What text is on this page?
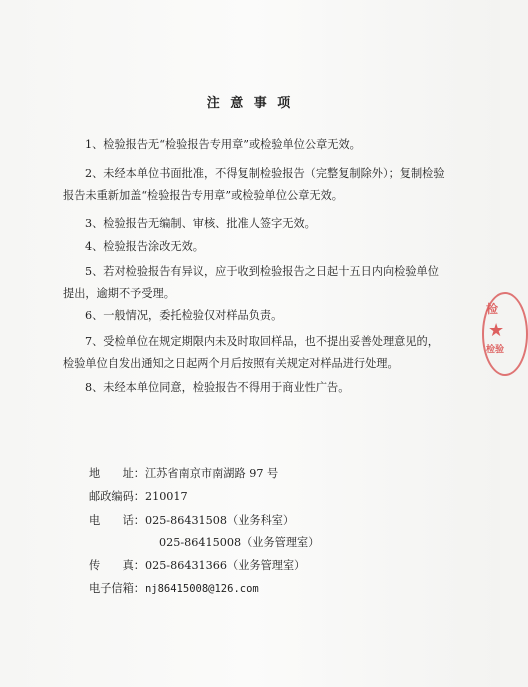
注 意 事 项
1、检验报告无“检验报告专用章”或检验单位公章无效。
2、未经本单位书面批准，不得复制检验报告（完整复制除外）；复制检验
报告未重新加盖“检验报告专用章”或检验单位公章无效。
3、检验报告无编制、审核、批准人签字无效。
4、检验报告涂改无效。
5、若对检验报告有异议，应于收到检验报告之日起十五日内向检验单位
提出，逾期不予受理。
6、一般情况，委托检验仅对样品负责。
7、受检单位在规定期限内未及时取回样品，也不提出妥善处理意见的，
检验单位自发出通知之日起两个月后按照有关规定对样品进行处理。
8、未经本单位同意，检验报告不得用于商业性广告。
地　　址：江苏省南京市南湖路 97 号
邮政编码：210017
电　　话：025-86431508（业务科室）
025-86415008（业务管理室）
传　　真：025-86431366（业务管理室）
电子信箱：nj86415008@126.com
检
★
检验
